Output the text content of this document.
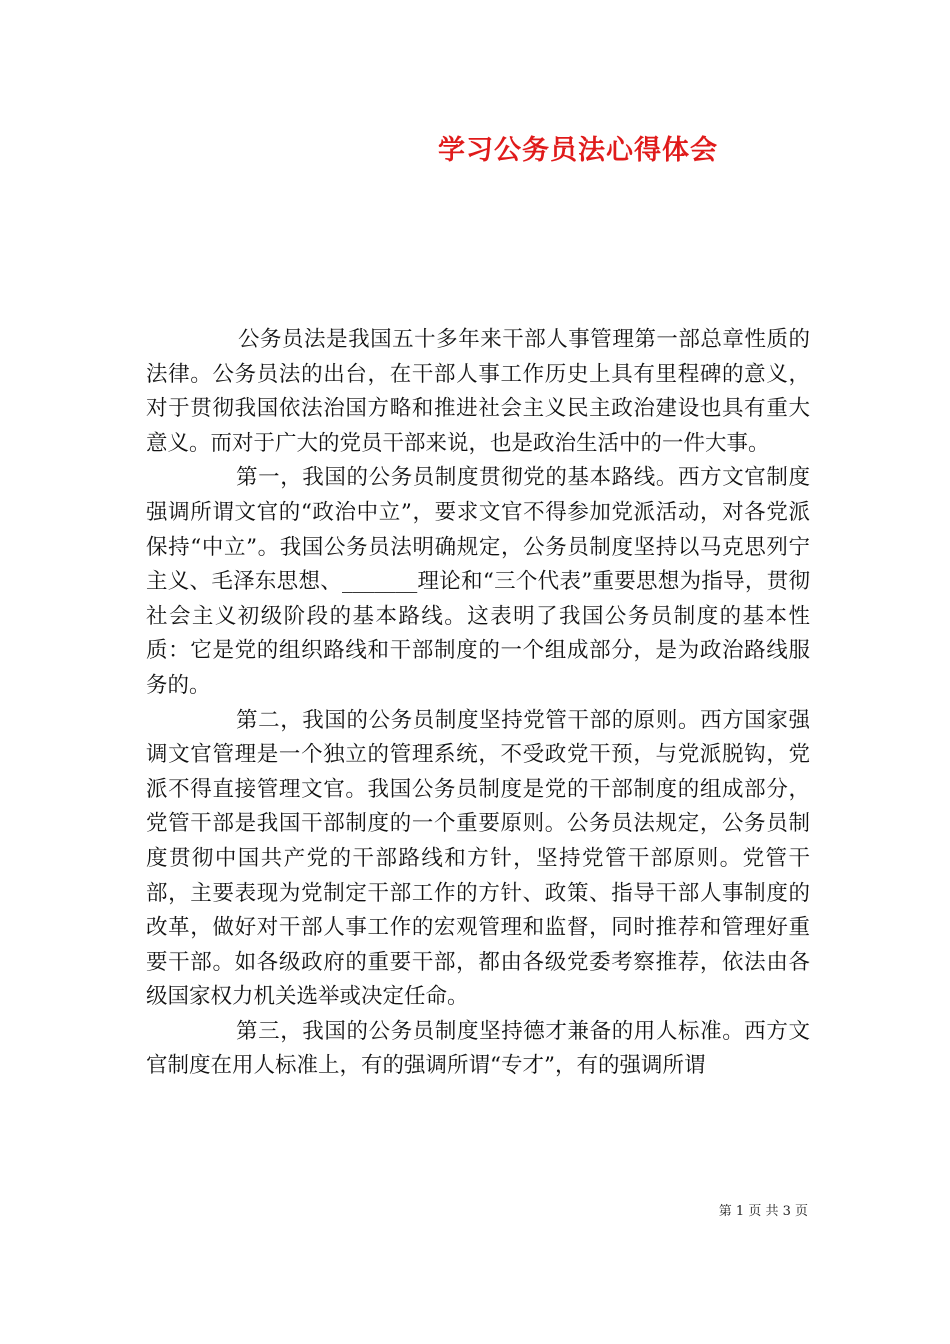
学习公务员法心得体会

公务员法是我国五十多年来干部人事管理第一部总章性质的法律。公务员法的出台，在干部人事工作历史上具有里程碑的意义，对于贯彻我国依法治国方略和推进社会主义民主政治建设也具有重大意义。而对于广大的党员干部来说，也是政治生活中的一件大事。

第一，我国的公务员制度贯彻党的基本路线。西方文官制度强调所谓文官的“政治中立”，要求文官不得参加党派活动，对各党派保持“中立”。我国公务员法明确规定，公务员制度坚持以马克思列宁主义、毛泽东思想、_______理论和“三个代表”重要思想为指导，贯彻社会主义初级阶段的基本路线。这表明了我国公务员制度的基本性质：它是党的组织路线和干部制度的一个组成部分，是为政治路线服务的。

第二，我国的公务员制度坚持党管干部的原则。西方国家强调文官管理是一个独立的管理系统，不受政党干预，与党派脱钩，党派不得直接管理文官。我国公务员制度是党的干部制度的组成部分，党管干部是我国干部制度的一个重要原则。公务员法规定，公务员制度贯彻中国共产党的干部路线和方针，坚持党管干部原则。党管干部，主要表现为党制定干部工作的方针、政策、指导干部人事制度的改革，做好对干部人事工作的宏观管理和监督，同时推荐和管理好重要干部。如各级政府的重要干部，都由各级党委考察推荐，依法由各级国家权力机关选举或决定任命。

第三，我国的公务员制度坚持德才兼备的用人标准。西方文官制度在用人标准上，有的强调所谓“专才”，有的强调所谓

第 1 页 共 3 页
